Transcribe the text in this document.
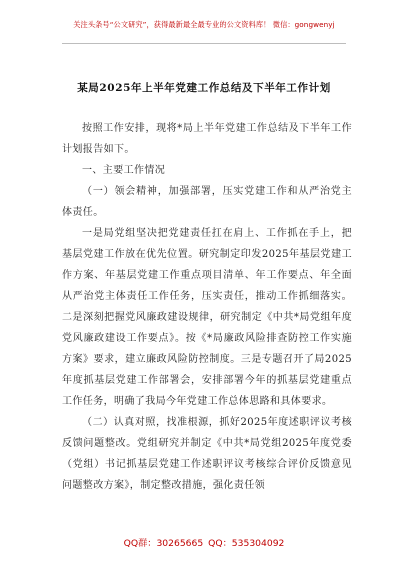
关注头条号“公文研究”，获得最新最全最专业的公文资料库！ 微信：gongwenyj
某局2025年上半年党建工作总结及下半年工作计划

按照工作安排，现将*局上半年党建工作总结及下半年工作计划报告如下。

一、主要工作情况

（一）领会精神，加强部署，压实党建工作和从严治党主体责任。

一是局党组坚决把党建责任扛在肩上、工作抓在手上，把基层党建工作放在优先位置。研究制定印发2025年基层党建工作方案、年基层党建工作重点项目清单、年工作要点、年全面从严治党主体责任工作任务，压实责任，推动工作抓细落实。二是深刻把握党风廉政建设规律，研究制定《中共*局党组年度党风廉政建设工作要点》。按《*局廉政风险排查防控工作实施方案》要求，建立廉政风险防控制度。三是专题召开了局2025年度抓基层党建工作部署会，安排部署今年的抓基层党建重点工作任务，明确了我局今年党建工作总体思路和具体要求。

（二）认真对照，找准根源，抓好2025年度述职评议考核反馈问题整改。党组研究并制定《中共*局党组2025年度党委（党组）书记抓基层党建工作述职评议考核综合评价反馈意见问题整改方案》，制定整改措施，强化责任领

QQ群：30265665 QQ：535304092
